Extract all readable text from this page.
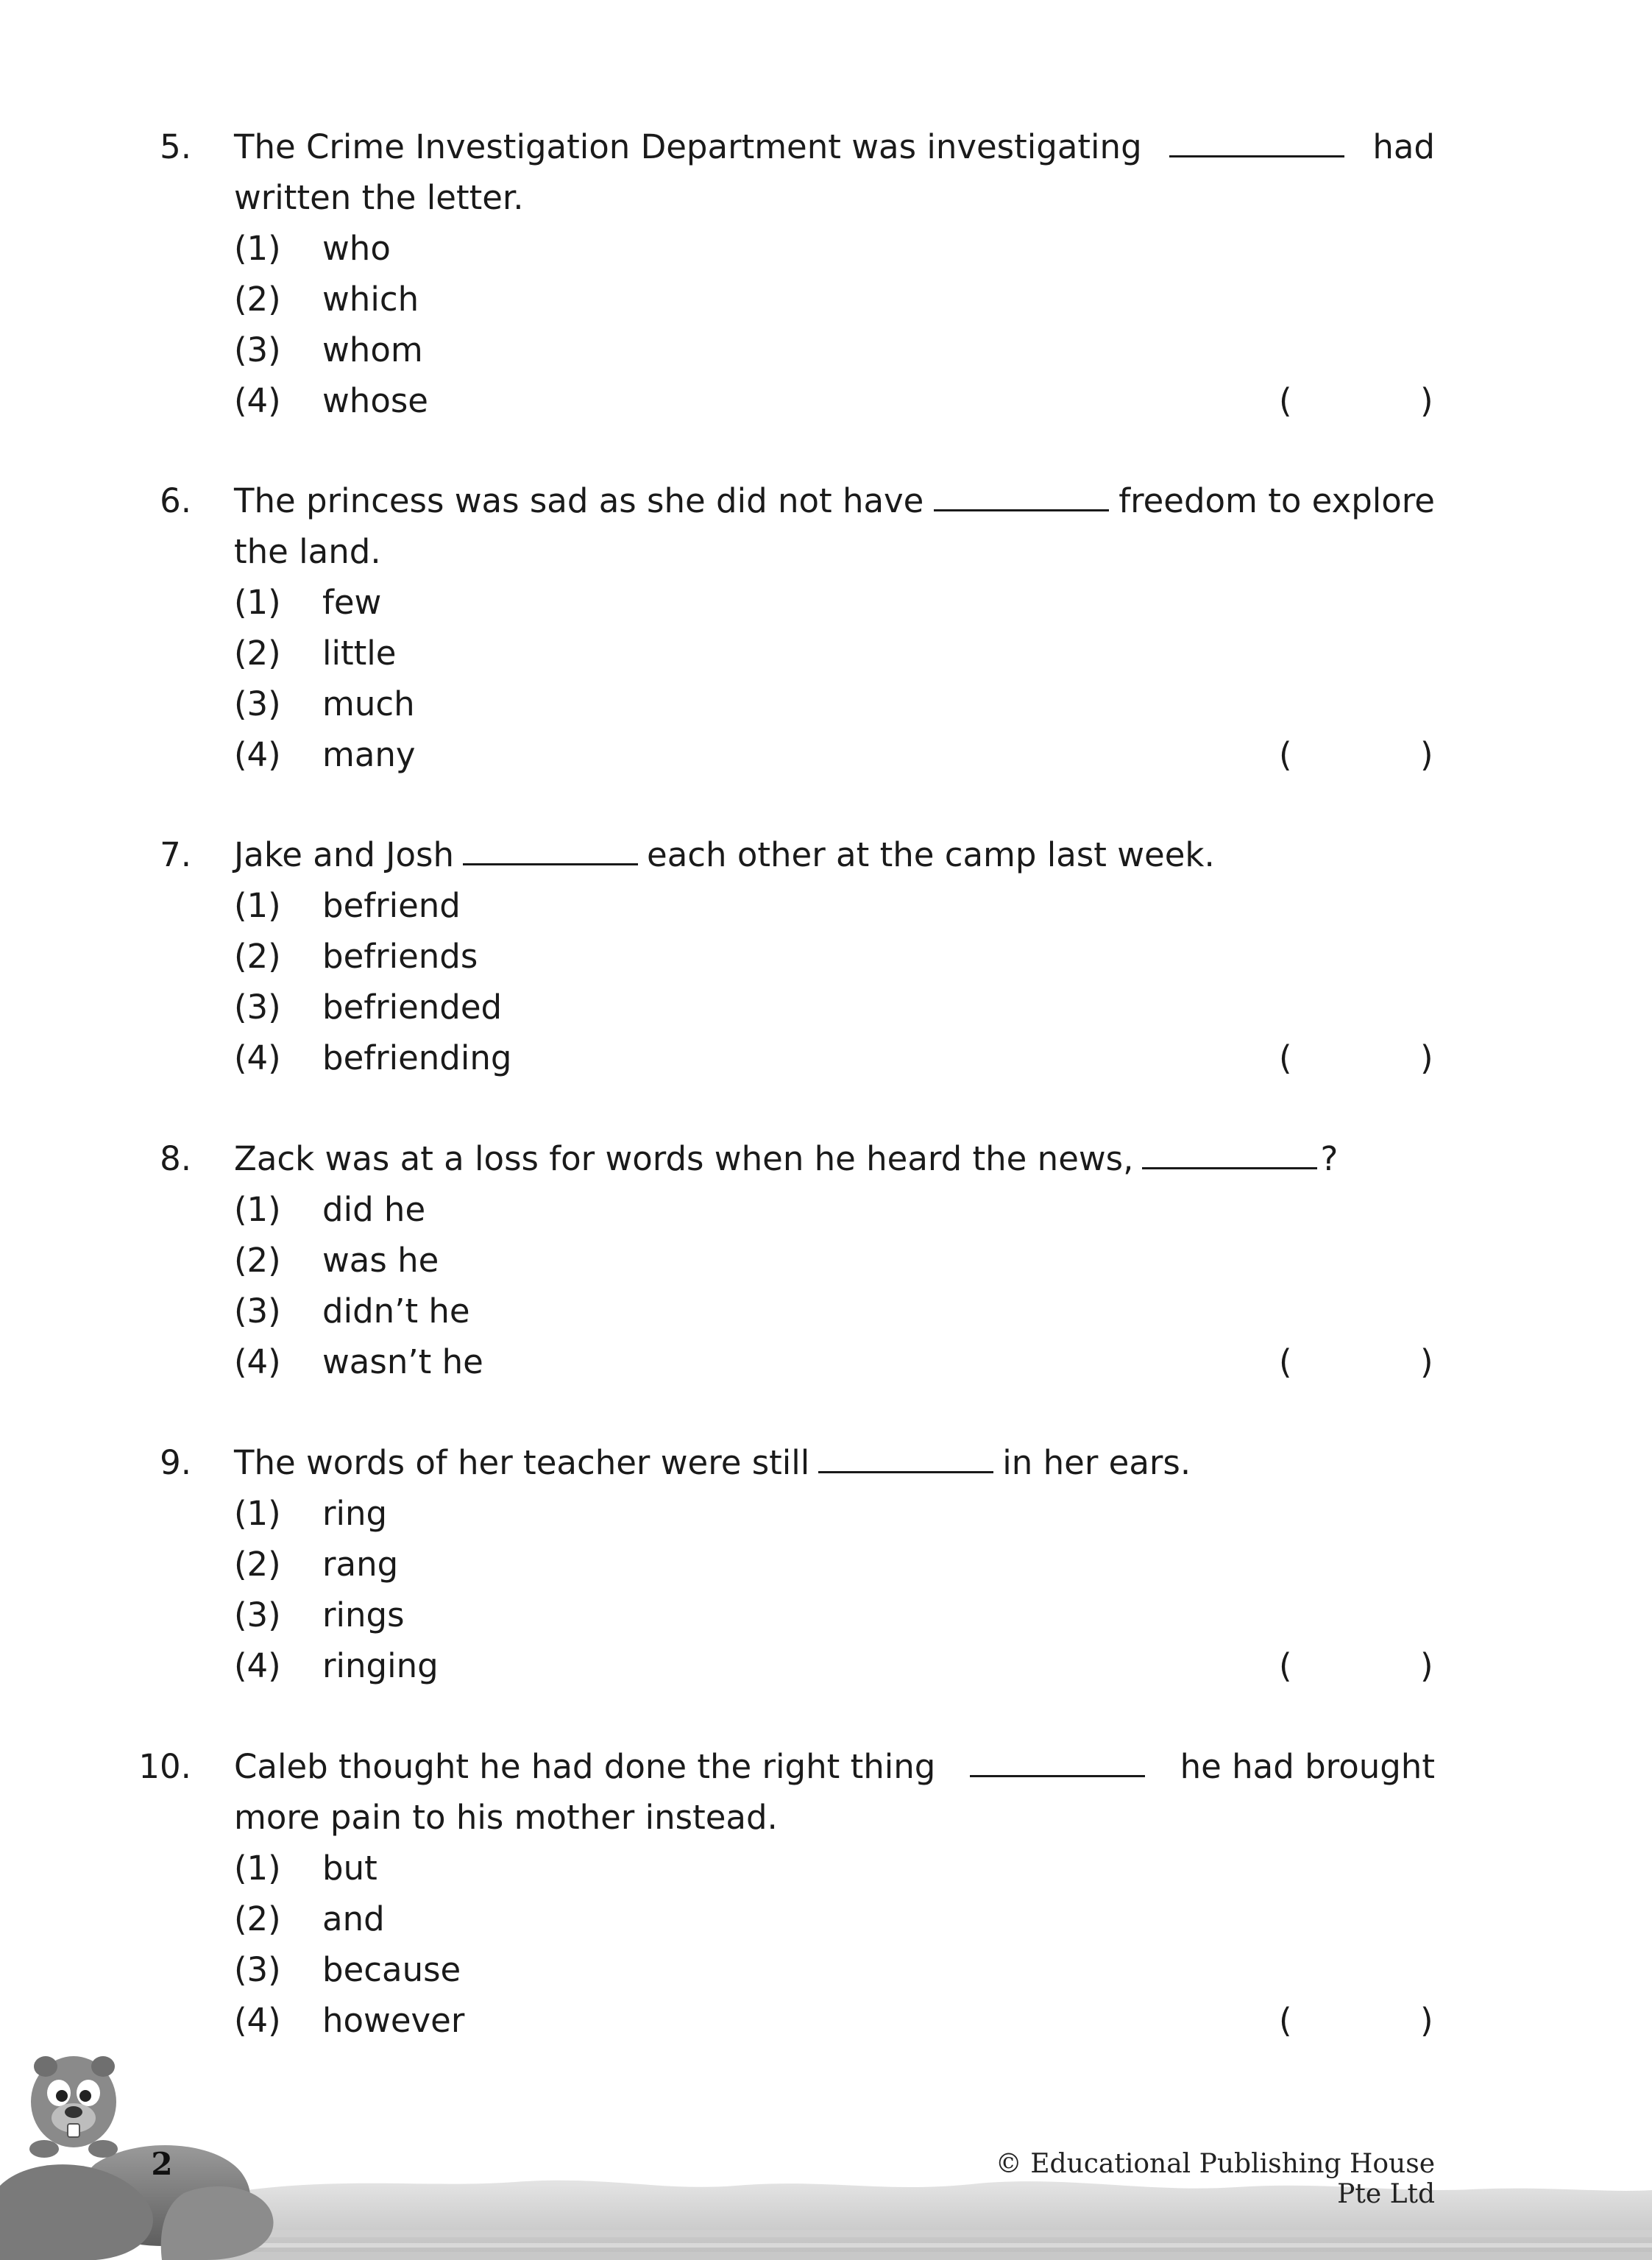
5. The Crime Investigation Department was investigating	had
written the letter.
(1) who
(2) which
(3) whom
(4) whose	(	)
6. The princess was sad as she did not have	freedom to explore
the land.
(1) few
(2) little
(3) much
(4) many	(	)
7. Jake and Josh	each other at the camp last week.
(1) befriend
(2) befriends
(3) befriended
(4) befriending	(	)
8. Zack was at a loss for words when he heard the news,	?
(1) did he
(2) was he
(3) didn’t he
(4) wasn’t he	(	)
9. The words of her teacher were still	in her ears.
(1) ring
(2) rang
(3) rings
(4) ringing	(	)
10. Caleb thought he had done the right thing	he had brought
more pain to his mother instead.
(1) but
(2) and
(3) because
(4) however	(	)
2	© Educational Publishing House Pte Ltd
